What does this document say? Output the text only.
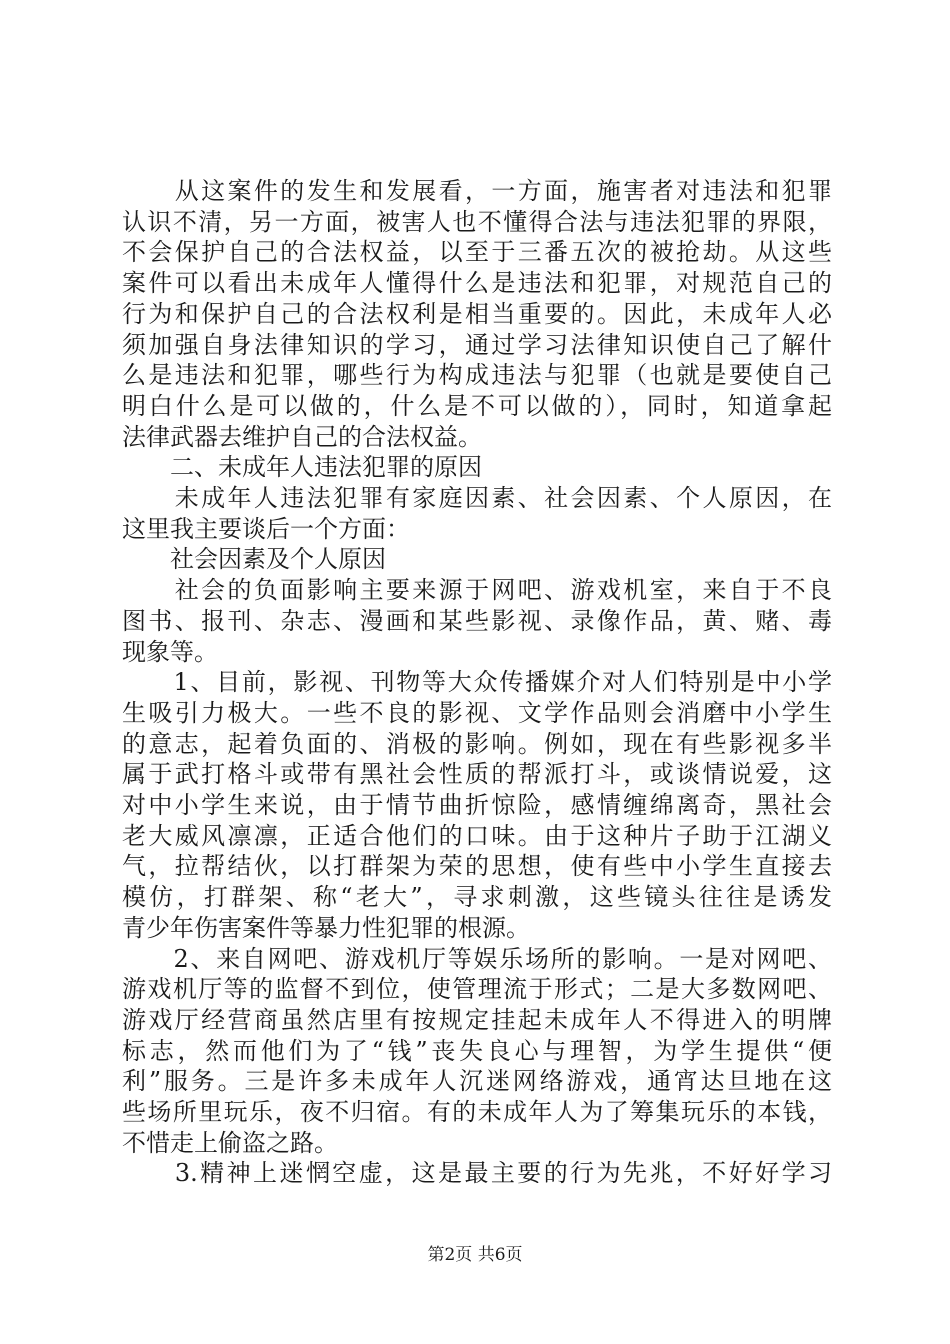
　　从这案件的发生和发展看，一方面，施害者对违法和犯罪
认识不清，另一方面，被害人也不懂得合法与违法犯罪的界限，
不会保护自己的合法权益，以至于三番五次的被抢劫。从这些
案件可以看出未成年人懂得什么是违法和犯罪，对规范自己的
行为和保护自己的合法权利是相当重要的。因此，未成年人必
须加强自身法律知识的学习，通过学习法律知识使自己了解什
么是违法和犯罪，哪些行为构成违法与犯罪（也就是要使自己
明白什么是可以做的，什么是不可以做的），同时，知道拿起
法律武器去维护自己的合法权益。
　　二、未成年人违法犯罪的原因
　　未成年人违法犯罪有家庭因素、社会因素、个人原因，在
这里我主要谈后一个方面：
　　社会因素及个人原因
　　社会的负面影响主要来源于网吧、游戏机室，来自于不良
图书、报刊、杂志、漫画和某些影视、录像作品，黄、赌、毒
现象等。
　　1、目前，影视、刊物等大众传播媒介对人们特别是中小学
生吸引力极大。一些不良的影视、文学作品则会消磨中小学生
的意志，起着负面的、消极的影响。例如，现在有些影视多半
属于武打格斗或带有黑社会性质的帮派打斗，或谈情说爱，这
对中小学生来说，由于情节曲折惊险，感情缠绵离奇，黑社会
老大威风凛凛，正适合他们的口味。由于这种片子助于江湖义
气，拉帮结伙，以打群架为荣的思想，使有些中小学生直接去
模仿，打群架、称“老大”，寻求刺激，这些镜头往往是诱发
青少年伤害案件等暴力性犯罪的根源。
　　2、来自网吧、游戏机厅等娱乐场所的影响。一是对网吧、
游戏机厅等的监督不到位，使管理流于形式；二是大多数网吧、
游戏厅经营商虽然店里有按规定挂起未成年人不得进入的明牌
标志，然而他们为了“钱”丧失良心与理智，为学生提供“便
利”服务。三是许多未成年人沉迷网络游戏，通宵达旦地在这
些场所里玩乐，夜不归宿。有的未成年人为了筹集玩乐的本钱，
不惜走上偷盗之路。
　　3.精神上迷惘空虚，这是最主要的行为先兆，不好好学习
第2页 共6页
